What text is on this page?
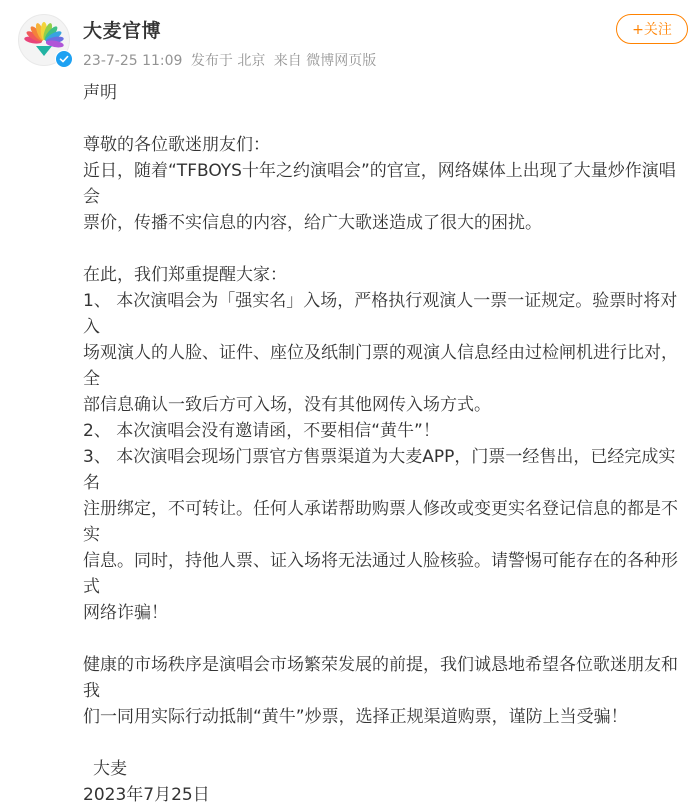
大麦官博
23-7-25 11:09 发布于 北京 来自 微博网页版
+关注

声明

尊敬的各位歌迷朋友们：

近日，随着“TFBOYS十年之约演唱会”的官宣，网络媒体上出现了大量炒作演唱会

票价，传播不实信息的内容，给广大歌迷造成了很大的困扰。

在此，我们郑重提醒大家：

1、 本次演唱会为「强实名」入场，严格执行观演人一票一证规定。验票时将对入

场观演人的人脸、证件、座位及纸制门票的观演人信息经由过检闸机进行比对，全

部信息确认一致后方可入场，没有其他网传入场方式。

2、 本次演唱会没有邀请函，不要相信“黄牛”！

3、 本次演唱会现场门票官方售票渠道为大麦APP，门票一经售出，已经完成实名

注册绑定，不可转让。任何人承诺帮助购票人修改或变更实名登记信息的都是不实

信息。同时，持他人票、证入场将无法通过人脸核验。请警惕可能存在的各种形式

网络诈骗！

健康的市场秩序是演唱会市场繁荣发展的前提，我们诚恳地希望各位歌迷朋友和我

们一同用实际行动抵制“黄牛”炒票，选择正规渠道购票，谨防上当受骗！

大麦

2023年7月25日
